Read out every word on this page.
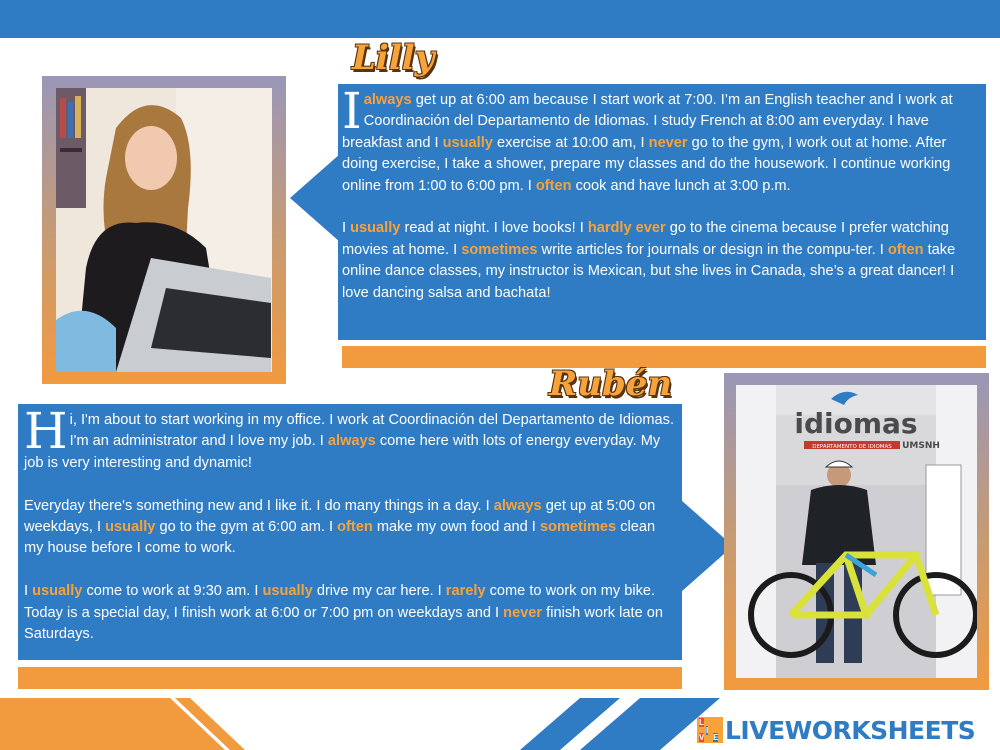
Lilly

Ialways get up at 6:00 am because I start work at 7:00. I’m an English teacher and I work at Coordinación del Departamento de Idiomas. I study French at 8:00 am everyday. I have breakfast and I usually exercise at 10:00 am, I never go to the gym, I work out at home. After doing exercise, I take a shower, prepare my classes and do the housework. I continue working online from 1:00 to 6:00 pm. I often cook and have lunch at 3:00 p.m.

I usually read at night. I love books! I hardly ever go to the cinema because I prefer watching movies at home. I sometimes write articles for journals or design in the compu-ter. I often take online dance classes, my instructor is Mexican, but she lives in Canada, she’s a great dancer! I love dancing salsa and bachata!

Rubén

Hi, I'm about to start working in my office. I work at Coordinación del Departamento de Idiomas. I'm an administrator and I love my job. I always come here with lots of energy everyday. My job is very interesting and dynamic!

Everyday there's something new and I like it. I do many things in a day. I always get up at 5:00 on weekdays, I usually go to the gym at 6:00 am. I often make my own food and I sometimes clean my house before I come to work.

I usually come to work at 9:30 am. I usually drive my car here. I rarely come to work on my bike. Today is a special day, I finish work at 6:00 or 7:00 pm on weekdays and I never finish work late on Saturdays.

idiomas
DEPARTAMENTO DE IDIOMAS UMSNH
L
I
V E LIVEWORKSHEETS
